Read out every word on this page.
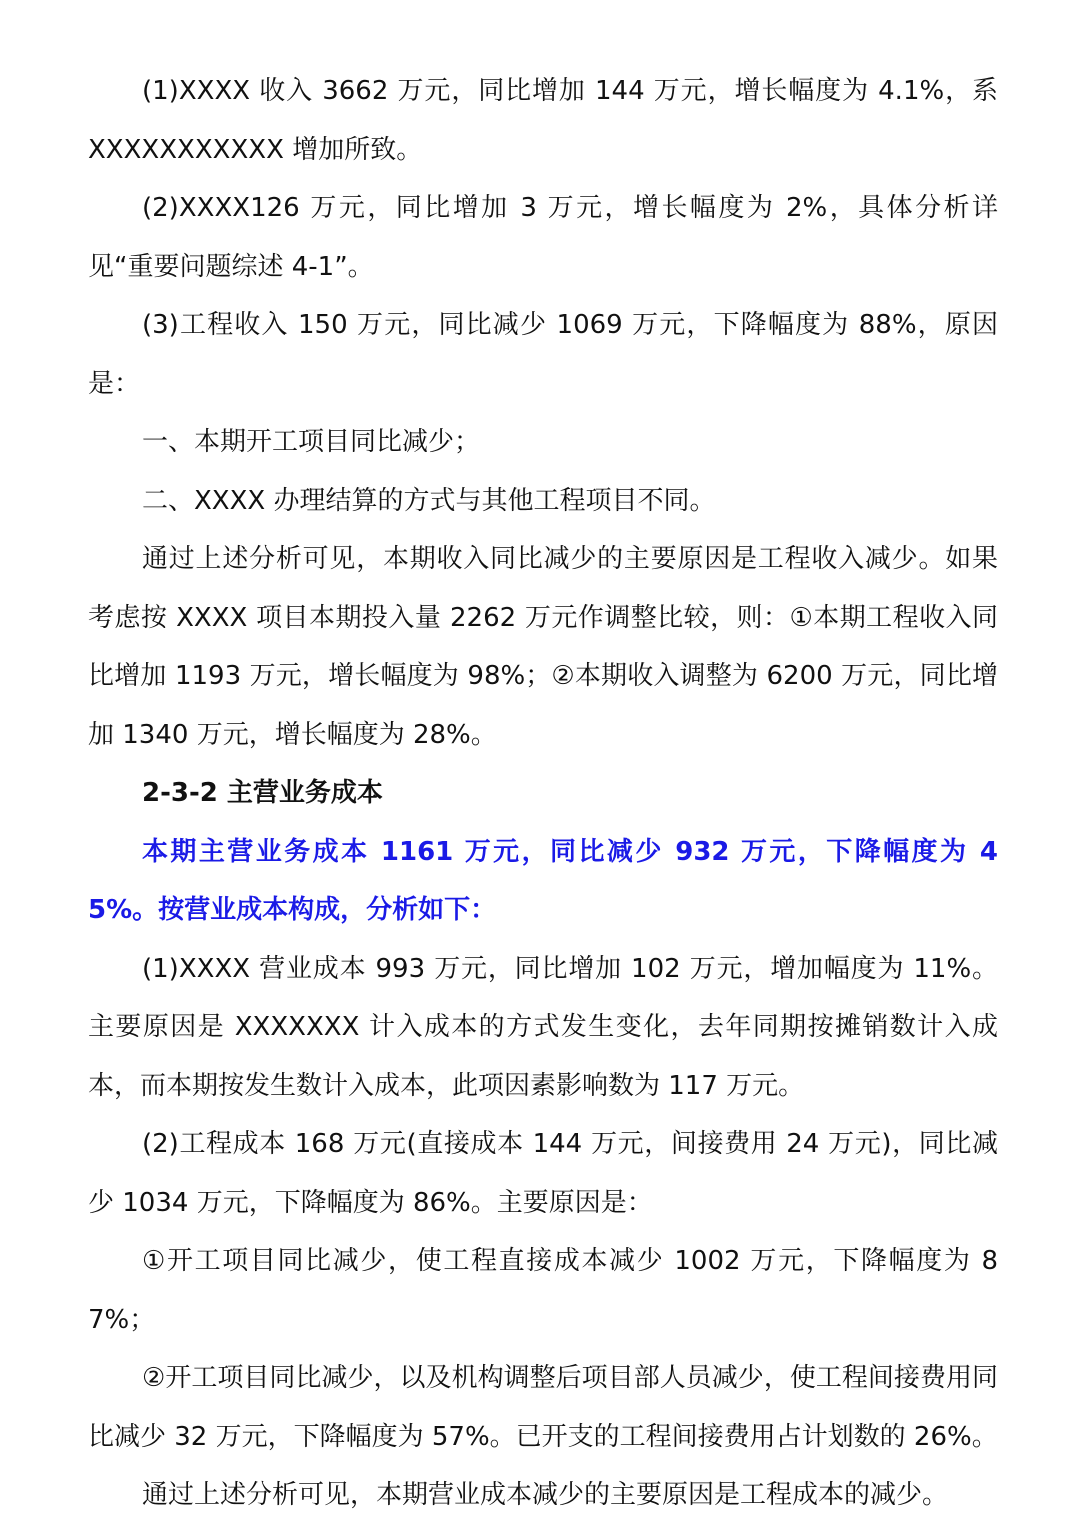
(1)XXXX 收入 3662 万元，同比增加 144 万元，增长幅度为 4.1%，系 XXXXXXXXXXX 增加所致。

(2)XXXX126 万元，同比增加 3 万元，增长幅度为 2%，具体分析详见“重要问题综述 4-1”。

(3)工程收入 150 万元，同比减少 1069 万元，下降幅度为 88%，原因是：

一、本期开工项目同比减少；

二、XXXX 办理结算的方式与其他工程项目不同。

通过上述分析可见，本期收入同比减少的主要原因是工程收入减少。如果考虑按 XXXX 项目本期投入量 2262 万元作调整比较，则：①本期工程收入同比增加 1193 万元，增长幅度为 98%；②本期收入调整为 6200 万元，同比增加 1340 万元，增长幅度为 28%。

2-3-2 主营业务成本

本期主营业务成本 1161 万元，同比减少 932 万元，下降幅度为 45%。按营业成本构成，分析如下：

(1)XXXX 营业成本 993 万元，同比增加 102 万元，增加幅度为 11%。主要原因是 XXXXXXX 计入成本的方式发生变化，去年同期按摊销数计入成本，而本期按发生数计入成本，此项因素影响数为 117 万元。

(2)工程成本 168 万元(直接成本 144 万元，间接费用 24 万元)，同比减少 1034 万元，下降幅度为 86%。主要原因是：

①开工项目同比减少，使工程直接成本减少 1002 万元，下降幅度为 87%；

②开工项目同比减少，以及机构调整后项目部人员减少，使工程间接费用同比减少 32 万元，下降幅度为 57%。已开支的工程间接费用占计划数的 26%。

通过上述分析可见，本期营业成本减少的主要原因是工程成本的减少。
